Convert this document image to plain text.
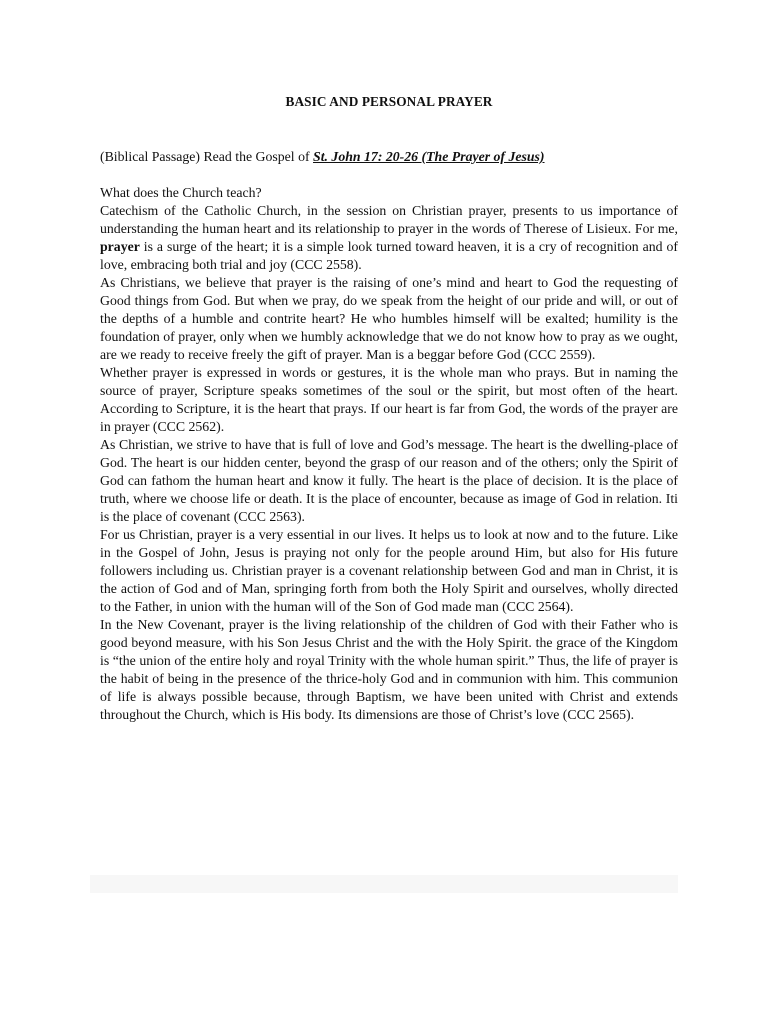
BASIC AND PERSONAL PRAYER

(Biblical Passage) Read the Gospel of St. John 17: 20-26 (The Prayer of Jesus)

What does the Church teach?

Catechism of the Catholic Church, in the session on Christian prayer, presents to us importance of understanding the human heart and its relationship to prayer in the words of Therese of Lisieux. For me, prayer is a surge of the heart; it is a simple look turned toward heaven, it is a cry of recognition and of love, embracing both trial and joy (CCC 2558).

As Christians, we believe that prayer is the raising of one’s mind and heart to God the requesting of Good things from God. But when we pray, do we speak from the height of our pride and will, or out of the depths of a humble and contrite heart? He who humbles himself will be exalted; humility is the foundation of prayer, only when we humbly acknowledge that we do not know how to pray as we ought, are we ready to receive freely the gift of prayer. Man is a beggar before God (CCC 2559).

Whether prayer is expressed in words or gestures, it is the whole man who prays. But in naming the source of prayer, Scripture speaks sometimes of the soul or the spirit, but most often of the heart. According to Scripture, it is the heart that prays. If our heart is far from God, the words of the prayer are in prayer (CCC 2562).

As Christian, we strive to have that is full of love and God’s message. The heart is the dwelling-place of God. The heart is our hidden center, beyond the grasp of our reason and of the others; only the Spirit of God can fathom the human heart and know it fully. The heart is the place of decision. It is the place of truth, where we choose life or death. It is the place of encounter, because as image of God in relation. Iti is the place of covenant (CCC 2563).

For us Christian, prayer is a very essential in our lives. It helps us to look at now and to the future. Like in the Gospel of John, Jesus is praying not only for the people around Him, but also for His future followers including us. Christian prayer is a covenant relationship between God and man in Christ, it is the action of God and of Man, springing forth from both the Holy Spirit and ourselves, wholly directed to the Father, in union with the human will of the Son of God made man (CCC 2564).

In the New Covenant, prayer is the living relationship of the children of God with their Father who is good beyond measure, with his Son Jesus Christ and the with the Holy Spirit. the grace of the Kingdom is “the union of the entire holy and royal Trinity with the whole human spirit.” Thus, the life of prayer is the habit of being in the presence of the thrice-holy God and in communion with him. This communion of life is always possible because, through Baptism, we have been united with Christ and extends throughout the Church, which is His body. Its dimensions are those of Christ’s love (CCC 2565).
